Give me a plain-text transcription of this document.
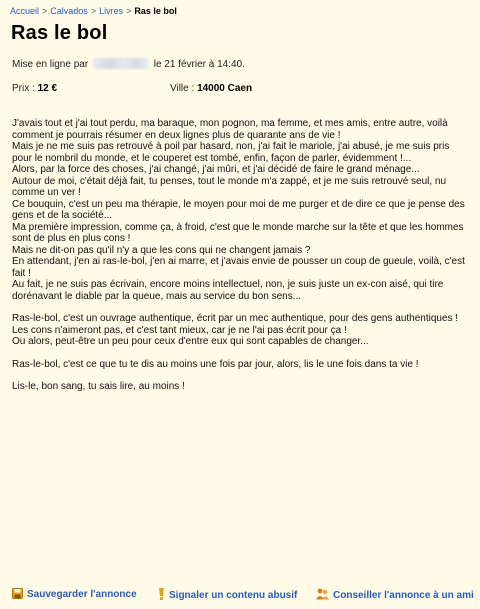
Accueil > Calvados > Livres > Ras le bol
Ras le bol
Mise en ligne par	le 21 février à 14:40.
Prix : 12 €	Ville : 14000 Caen

J'avais tout et j'ai tout perdu, ma baraque, mon pognon, ma femme, et mes amis, entre autre, voilà comment je pourrais résumer en deux lignes plus de quarante ans de vie !

Mais je ne me suis pas retrouvé à poil par hasard, non, j'ai fait le mariole, j'ai abusé, je me suis pris pour le nombril du monde, et le couperet est tombé, enfin, façon de parler, évidemment !...

Alors, par la force des choses, j'ai changé, j'ai mûri, et j'ai décidé de faire le grand ménage...

Autour de moi, c'était déjà fait, tu penses, tout le monde m'a zappé, et je me suis retrouvé seul, nu comme un ver !

Ce bouquin, c'est un peu ma thérapie, le moyen pour moi de me purger et de dire ce que je pense des gens et de la société...

Ma première impression, comme ça, à froid, c'est que le monde marche sur la tête et que les hommes sont de plus en plus cons !

Mais ne dit-on pas qu'il n'y a que les cons qui ne changent jamais ?

En attendant, j'en ai ras-le-bol, j'en ai marre, et j'avais envie de pousser un coup de gueule, voilà, c'est fait !

Au fait, je ne suis pas écrivain, encore moins intellectuel, non, je suis juste un ex-con aisé, qui tire dorénavant le diable par la queue, mais au service du bon sens...

Ras-le-bol, c'est un ouvrage authentique, écrit par un mec authentique, pour des gens authentiques !

Les cons n'aimeront pas, et c'est tant mieux, car je ne l'ai pas écrit pour ça !

Ou alors, peut-être un peu pour ceux d'entre eux qui sont capables de changer...

Ras-le-bol, c'est ce que tu te dis au moins une fois par jour, alors, lis le une fois dans ta vie !

Lis-le, bon sang, tu sais lire, au moins !

Sauvegarder l'annonce	Signaler un contenu abusif	Conseiller l'annonce à un ami
